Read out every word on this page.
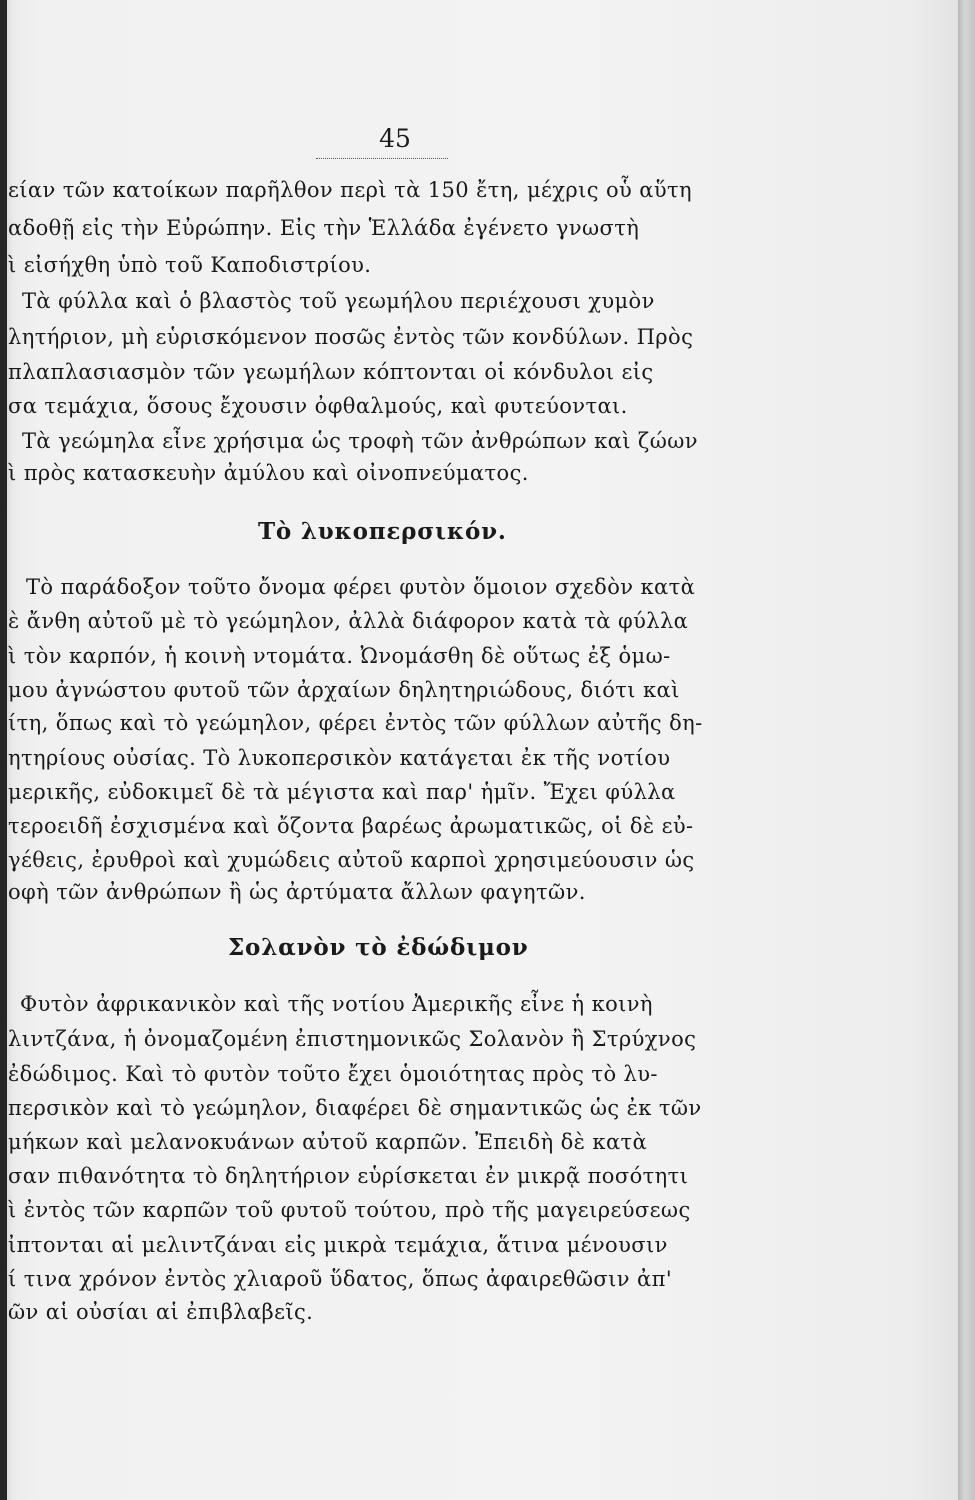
45

είαν τῶν κατοίκων παρῆλθον περὶ τὰ 150 ἔτη, μέχρις οὗ αὕτη

αδοθῇ εἰς τὴν Εὐρώπην. Εἰς τὴν Ἑλλάδα ἐγένετο γνωστὴ

ὶ εἰσήχθη ὑπὸ τοῦ Καποδιστρίου.

Τὰ φύλλα καὶ ὁ βλαστὸς τοῦ γεωμήλου περιέχουσι χυμὸν

λητήριον, μὴ εὑρισκόμενον ποσῶς ἐντὸς τῶν κονδύλων. Πρὸς

πλαπλασιασμὸν τῶν γεωμήλων κόπτονται οἱ κόνδυλοι εἰς

σα τεμάχια, ὅσους ἔχουσιν ὀφθαλμούς, καὶ φυτεύονται.

Τὰ γεώμηλα εἶνε χρήσιμα ὡς τροφὴ τῶν ἀνθρώπων καὶ ζώων

ὶ πρὸς κατασκευὴν ἀμύλου καὶ οἰνοπνεύματος.

Τὸ λυκοπερσικόν.

Τὸ παράδοξον τοῦτο ὄνομα φέρει φυτὸν ὅμοιον σχεδὸν κατὰ

ὲ ἄνθη αὐτοῦ μὲ τὸ γεώμηλον, ἀλλὰ διάφορον κατὰ τὰ φύλλα

ὶ τὸν καρπόν, ἡ κοινὴ ντομάτα. Ὠνομάσθη δὲ οὕτως ἐξ ὁμω-

μου ἀγνώστου φυτοῦ τῶν ἀρχαίων δηλητηριώδους, διότι καὶ

ίτη, ὅπως καὶ τὸ γεώμηλον, φέρει ἐντὸς τῶν φύλλων αὐτῆς δη-

ητηρίους οὐσίας. Τὸ λυκοπερσικὸν κατάγεται ἐκ τῆς νοτίου

μερικῆς, εὐδοκιμεῖ δὲ τὰ μέγιστα καὶ παρ' ἡμῖν. Ἔχει φύλλα

τεροειδῆ ἐσχισμένα καὶ ὄζοντα βαρέως ἀρωματικῶς, οἱ δὲ εὐ-

γέθεις, ἐρυθροὶ καὶ χυμώδεις αὐτοῦ καρποὶ χρησιμεύουσιν ὡς

οφὴ τῶν ἀνθρώπων ἢ ὡς ἀρτύματα ἄλλων φαγητῶν.

Σολανὸν τὸ ἐδώδιμον

Φυτὸν ἀφρικανικὸν καὶ τῆς νοτίου Ἀμερικῆς εἶνε ἡ κοινὴ

λιντζάνα, ἡ ὀνομαζομένη ἐπιστημονικῶς Σολανὸν ἢ Στρύχνος

ἐδώδιμος. Καὶ τὸ φυτὸν τοῦτο ἔχει ὁμοιότητας πρὸς τὸ λυ-

περσικὸν καὶ τὸ γεώμηλον, διαφέρει δὲ σημαντικῶς ὡς ἐκ τῶν

μήκων καὶ μελανοκυάνων αὐτοῦ καρπῶν. Ἐπειδὴ δὲ κατὰ

σαν πιθανότητα τὸ δηλητήριον εὑρίσκεται ἐν μικρᾷ ποσότητι

ὶ ἐντὸς τῶν καρπῶν τοῦ φυτοῦ τούτου, πρὸ τῆς μαγειρεύσεως

ἰπτονται αἱ μελιντζάναι εἰς μικρὰ τεμάχια, ἅτινα μένουσιν

ί τινα χρόνον ἐντὸς χλιαροῦ ὕδατος, ὅπως ἀφαιρεθῶσιν ἀπ'

ῶν αἱ οὐσίαι αἱ ἐπιβλαβεῖς.
